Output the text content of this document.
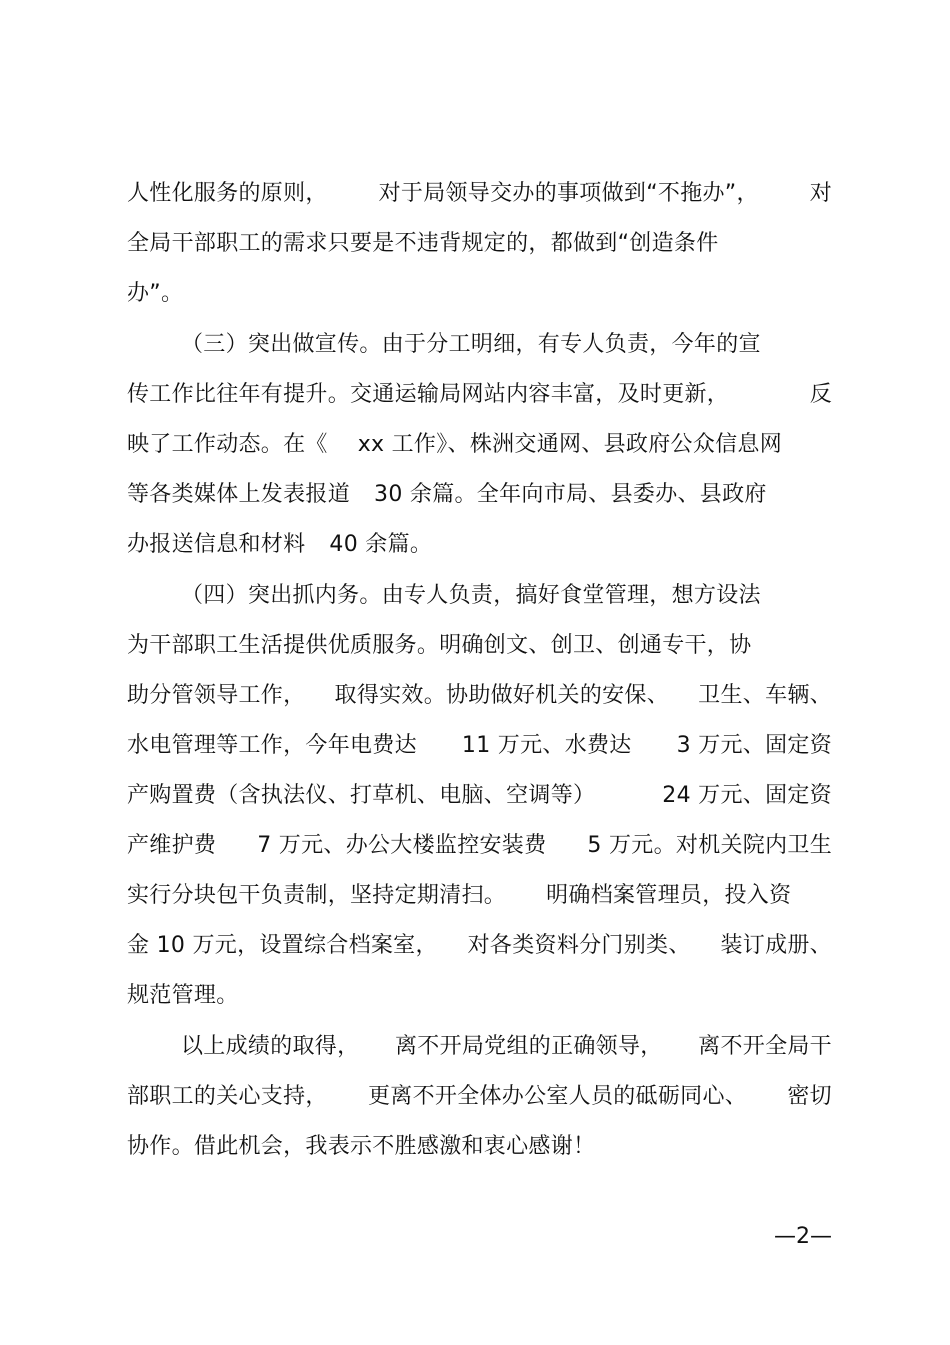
人性化服务的原则， 对于局领导交办的事项做到“不拖办”， 对
全局干部职工的需求只要是不违背规定的，都做到“创造条件
办”。
（三）突出做宣传。由于分工明细，有专人负责，今年的宣
传工作比往年有提升。交通运输局网站内容丰富，及时更新，	反
映了工作动态。在《 xx 工作》、株洲交通网、县政府公众信息网
等各类媒体上发表报道 30 余篇。全年向市局、县委办、县政府
办报送信息和材料 40 余篇。
（四）突出抓内务。由专人负责，搞好食堂管理，想方设法
为干部职工生活提供优质服务。明确创文、创卫、创通专干，协
助分管领导工作， 取得实效。协助做好机关的安保、 卫生、车辆、
水电管理等工作，今年电费达 11 万元、水费达 3 万元、固定资
产购置费（含执法仪、打草机、电脑、空调等）	24 万元、固定资
产维护费 7 万元、办公大楼监控安装费 5 万元。对机关院内卫生
实行分块包干负责制，坚持定期清扫。 明确档案管理员，投入资
金 10 万元，设置综合档案室， 对各类资料分门别类、 装订成册、
规范管理。
以上成绩的取得， 离不开局党组的正确领导， 离不开全局干
部职工的关心支持， 更离不开全体办公室人员的砥砺同心、 密切
协作。借此机会，我表示不胜感激和衷心感谢！
—2—
